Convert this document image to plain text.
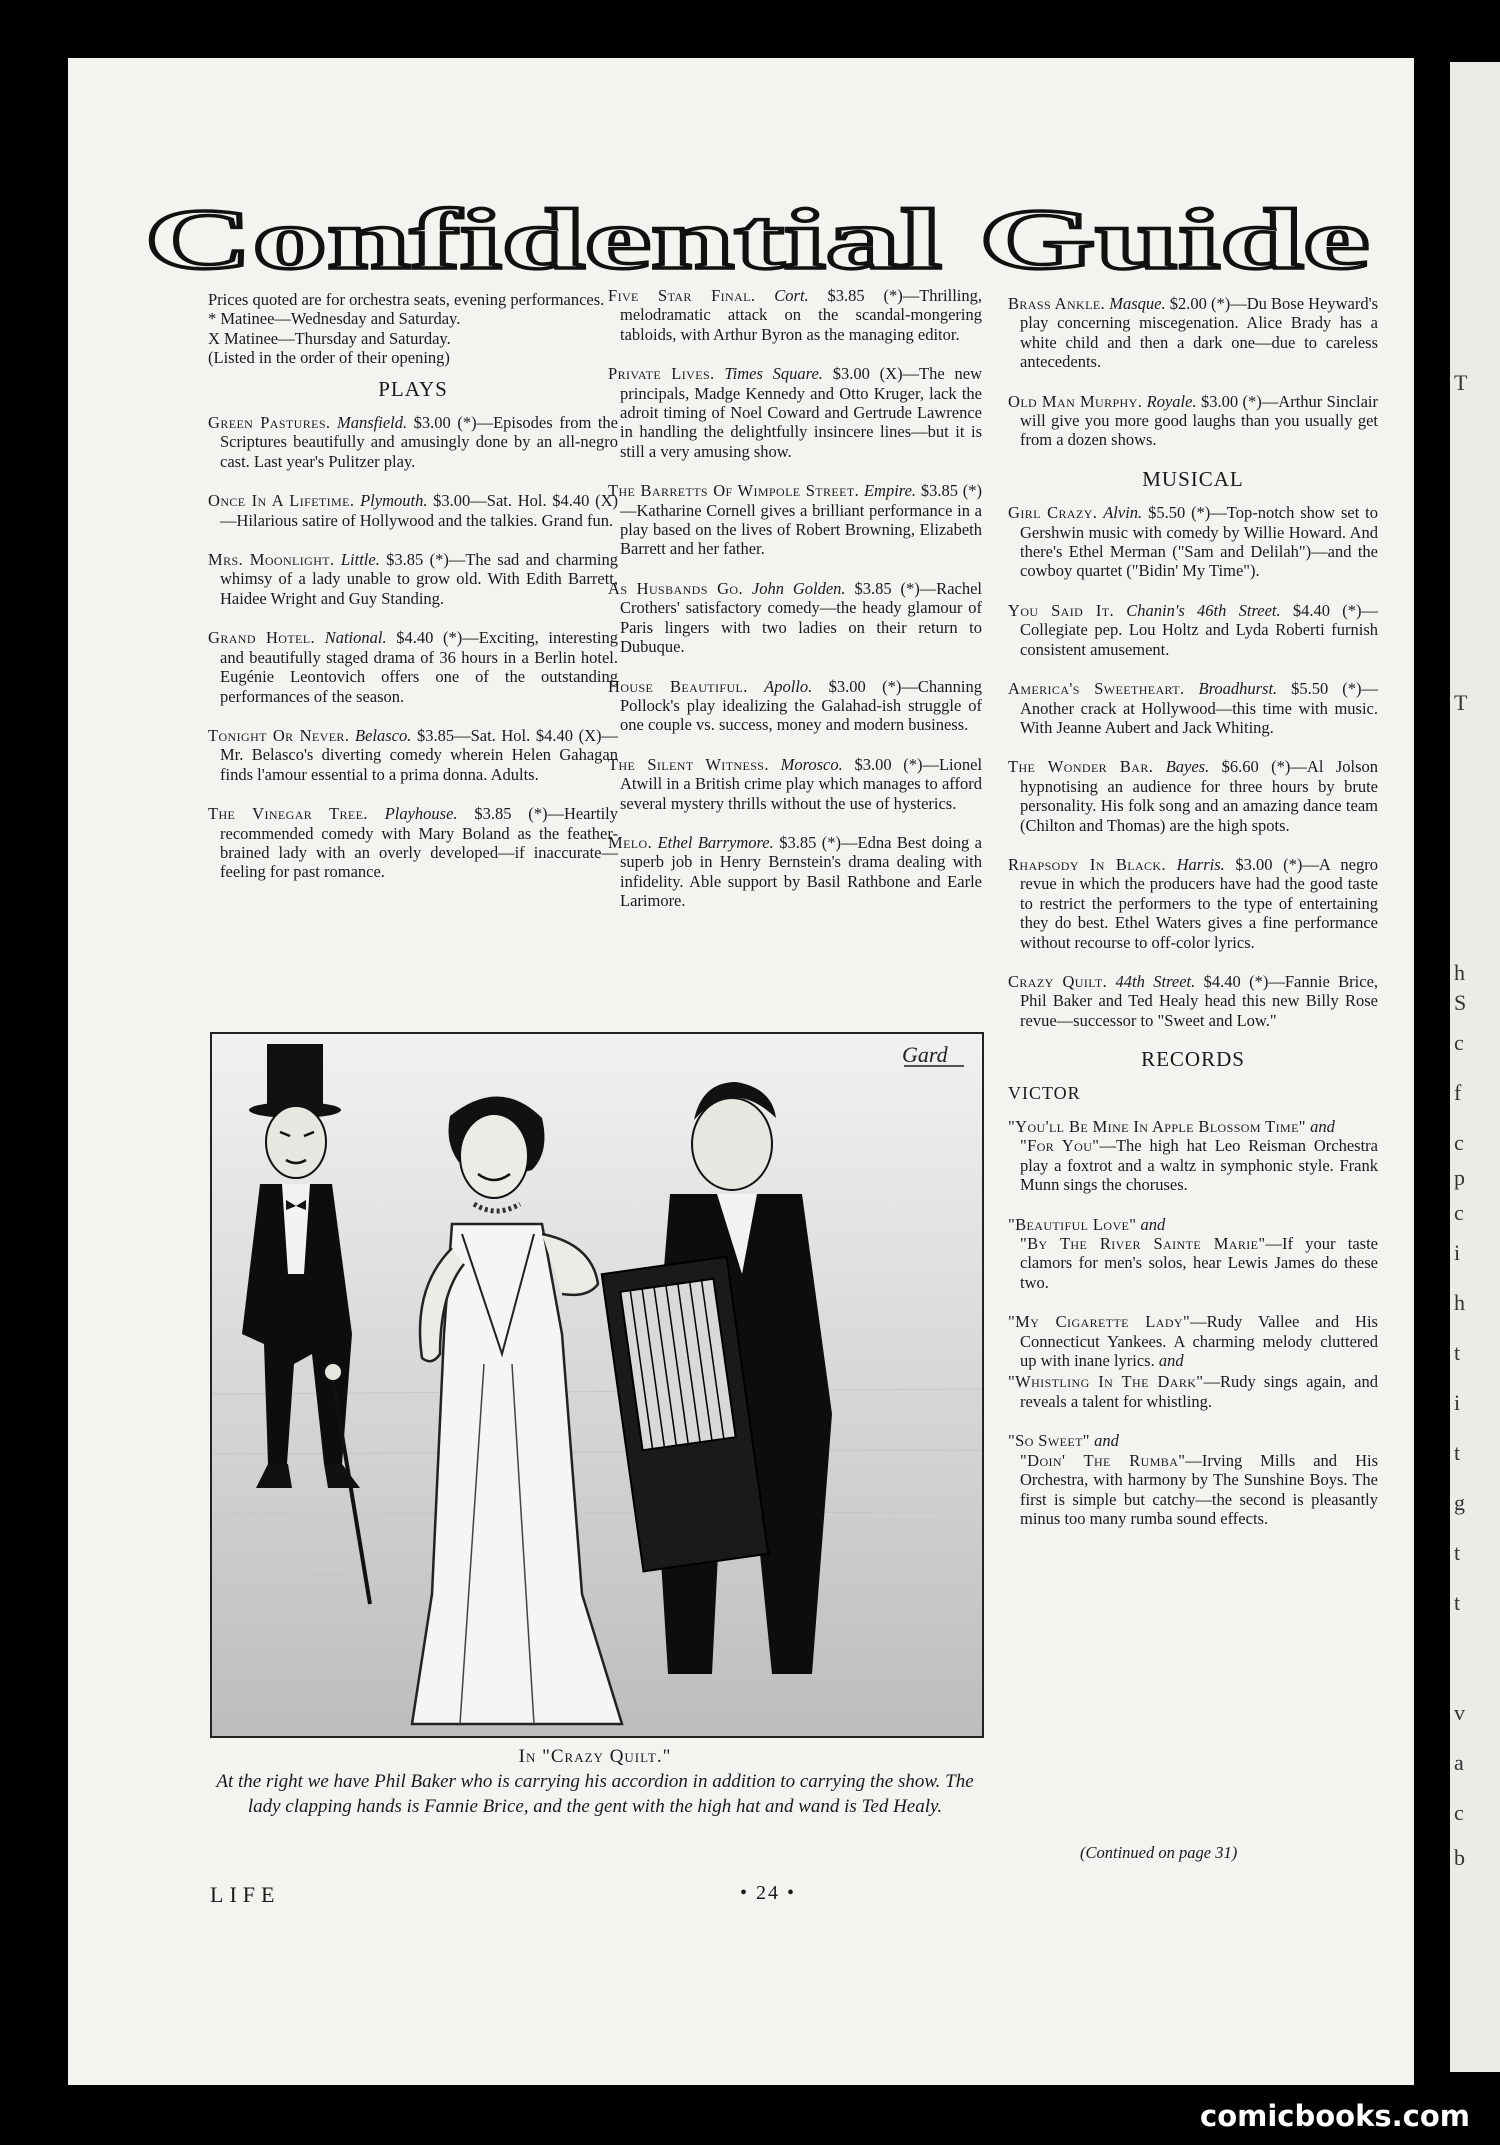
T
T
h
S
c
f
c
p
c
i
h
t
i
t
g
t
t
v
a
c
b
Confidential Guide

Prices quoted are for orchestra seats, evening performances.

* Matinee—Wednesday and Saturday.

X Matinee—Thursday and Saturday.

(Listed in the order of their opening)

PLAYS

Green Pastures. Mansfield. $3.00 (*)—Episodes from the Scriptures beautifully and amusingly done by an all-negro cast. Last year's Pulitzer play.

Once In A Lifetime. Plymouth. $3.00—Sat. Hol. $4.40 (X)—Hilarious satire of Hollywood and the talkies. Grand fun.

Mrs. Moonlight. Little. $3.85 (*)—The sad and charming whimsy of a lady unable to grow old. With Edith Barrett, Haidee Wright and Guy Standing.

Grand Hotel. National. $4.40 (*)—Exciting, interesting and beautifully staged drama of 36 hours in a Berlin hotel. Eugénie Leontovich offers one of the outstanding performances of the season.

Tonight Or Never. Belasco. $3.85—Sat. Hol. $4.40 (X)—Mr. Belasco's diverting comedy wherein Helen Gahagan finds l'amour essential to a prima donna. Adults.

The Vinegar Tree. Playhouse. $3.85 (*)—Heartily recommended comedy with Mary Boland as the feather-brained lady with an overly developed—if inaccurate—feeling for past romance.

Five Star Final. Cort. $3.85 (*)—Thrilling, melodramatic attack on the scandal-mongering tabloids, with Arthur Byron as the managing editor.

Private Lives. Times Square. $3.00 (X)—The new principals, Madge Kennedy and Otto Kruger, lack the adroit timing of Noel Coward and Gertrude Lawrence in handling the delightfully insincere lines—but it is still a very amusing show.

The Barretts Of Wimpole Street. Empire. $3.85 (*)—Katharine Cornell gives a brilliant performance in a play based on the lives of Robert Browning, Elizabeth Barrett and her father.

As Husbands Go. John Golden. $3.85 (*)—Rachel Crothers' satisfactory comedy—the heady glamour of Paris lingers with two ladies on their return to Dubuque.

House Beautiful. Apollo. $3.00 (*)—Channing Pollock's play idealizing the Galahad-ish struggle of one couple vs. success, money and modern business.

The Silent Witness. Morosco. $3.00 (*)—Lionel Atwill in a British crime play which manages to afford several mystery thrills without the use of hysterics.

Melo. Ethel Barrymore. $3.85 (*)—Edna Best doing a superb job in Henry Bernstein's drama dealing with infidelity. Able support by Basil Rathbone and Earle Larimore.

Brass Ankle. Masque. $2.00 (*)—Du Bose Heyward's play concerning miscegenation. Alice Brady has a white child and then a dark one—due to careless antecedents.

Old Man Murphy. Royale. $3.00 (*)—Arthur Sinclair will give you more good laughs than you usually get from a dozen shows.

MUSICAL

Girl Crazy. Alvin. $5.50 (*)—Top-notch show set to Gershwin music with comedy by Willie Howard. And there's Ethel Merman ("Sam and Delilah")—and the cowboy quartet ("Bidin' My Time").

You Said It. Chanin's 46th Street. $4.40 (*)—Collegiate pep. Lou Holtz and Lyda Roberti furnish consistent amusement.

America's Sweetheart. Broadhurst. $5.50 (*)—Another crack at Hollywood—this time with music. With Jeanne Aubert and Jack Whiting.

The Wonder Bar. Bayes. $6.60 (*)—Al Jolson hypnotising an audience for three hours by brute personality. His folk song and an amazing dance team (Chilton and Thomas) are the high spots.

Rhapsody In Black. Harris. $3.00 (*)—A negro revue in which the producers have had the good taste to restrict the performers to the type of entertaining they do best. Ethel Waters gives a fine performance without recourse to off-color lyrics.

Crazy Quilt. 44th Street. $4.40 (*)—Fannie Brice, Phil Baker and Ted Healy head this new Billy Rose revue—successor to "Sweet and Low."

RECORDS
VICTOR

"You'll Be Mine In Apple Blossom Time" and
"For You"—The high hat Leo Reisman Orchestra play a foxtrot and a waltz in symphonic style. Frank Munn sings the choruses.

"Beautiful Love" and
"By The River Sainte Marie"—If your taste clamors for men's solos, hear Lewis James do these two.

"My Cigarette Lady"—Rudy Vallee and His Connecticut Yankees. A charming melody cluttered up with inane lyrics. and

"Whistling In The Dark"—Rudy sings again, and reveals a talent for whistling.

"So Sweet" and
"Doin' The Rumba"—Irving Mills and His Orchestra, with harmony by The Sunshine Boys. The first is simple but catchy—the second is pleasantly minus too many rumba sound effects.

Gard
In "Crazy Quilt."
At the right we have Phil Baker who is carrying his accordion in addition to carrying the show. The lady clapping hands is Fannie Brice, and the gent with the high hat and wand is Ted Healy.
(Continued on page 31)
LIFE	• 24 •
comicbooks.com
